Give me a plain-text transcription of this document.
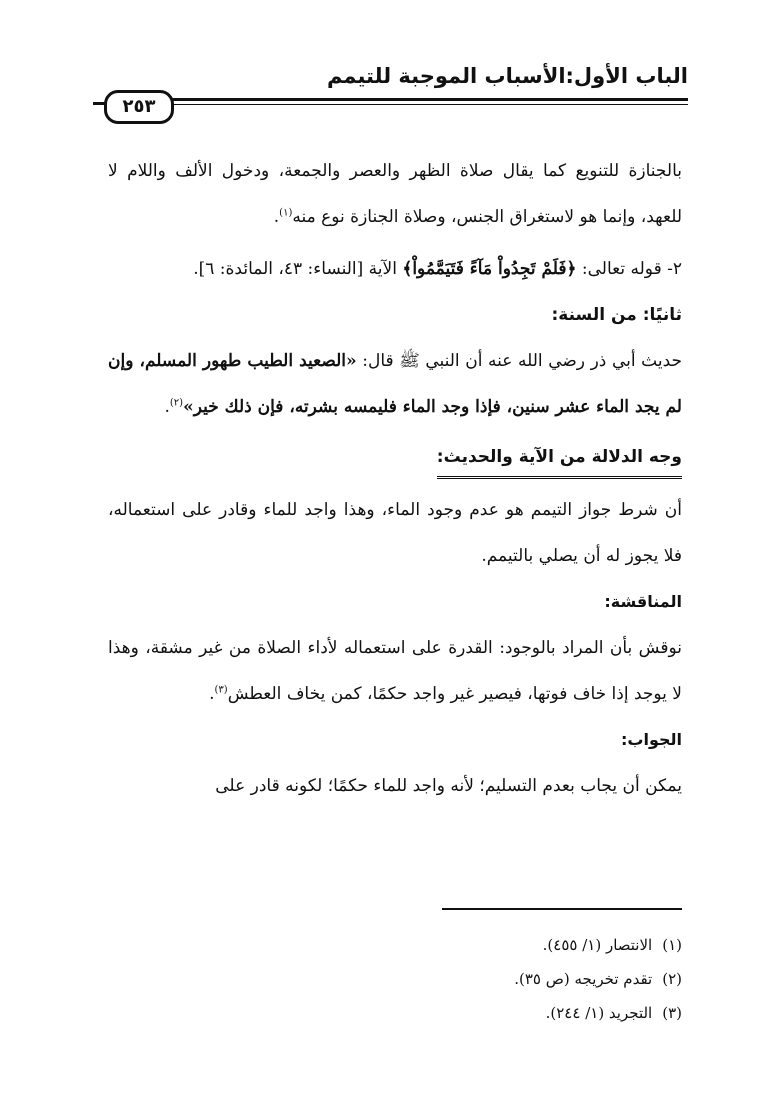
الباب الأول:الأسباب الموجبة للتيمم
٢٥٣

بالجنازة للتنويع كما يقال صلاة الظهر والعصر والجمعة، ودخول الألف واللام لا للعهد، وإنما هو لاستغراق الجنس، وصلاة الجنازة نوع منه$^{(١)}$.

٢- قوله تعالى: ﴿فَلَمْ تَجِدُواْ مَآءً فَتَيَمَّمُواْ﴾ الآية [النساء: ٤٣، المائدة: ٦].

ثانيًا: من السنة:

حديث أبي ذر رضي الله عنه أن النبي ﷺ قال: «الصعيد الطيب طهور المسلم، وإن لم يجد الماء عشر سنين، فإذا وجد الماء فليمسه بشرته، فإن ذلك خير»$^{(٢)}$.

وجه الدلالة من الآية والحديث:

أن شرط جواز التيمم هو عدم وجود الماء، وهذا واجد للماء وقادر على استعماله، فلا يجوز له أن يصلي بالتيمم.

المناقشة:

نوقش بأن المراد بالوجود: القدرة على استعماله لأداء الصلاة من غير مشقة، وهذا لا يوجد إذا خاف فوتها، فيصير غير واجد حكمًا، كمن يخاف العطش$^{(٣)}$.

الجواب:

يمكن أن يجاب بعدم التسليم؛ لأنه واجد للماء حكمًا؛ لكونه قادر على

(١)الانتصار (١/ ٤٥٥).
(٢)تقدم تخريجه (ص ٣٥).
(٣)التجريد (١/ ٢٤٤).
